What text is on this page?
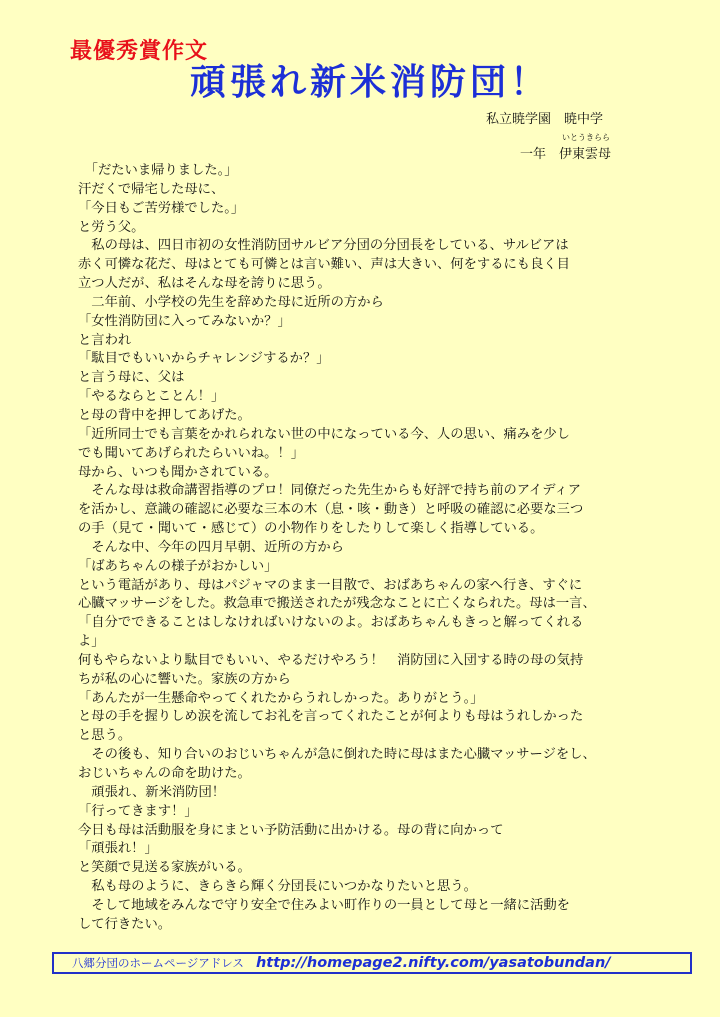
最優秀賞作文
頑張れ新米消防団！
私立暁学園　暁中学
いとうきらら
一年　伊東雲母
　「だたいま帰りました。」
汗だくで帰宅した母に、
「今日もご苦労様でした。」
と労う父。
　私の母は、四日市初の女性消防団サルビア分団の分団長をしている、サルビアは
赤く可憐な花だ、母はとても可憐とは言い難い、声は大きい、何をするにも良く目
立つ人だが、私はそんな母を誇りに思う。
　二年前、小学校の先生を辞めた母に近所の方から
「女性消防団に入ってみないか？」
と言われ
「駄目でもいいからチャレンジするか？」
と言う母に、父は
「やるならとことん！」
と母の背中を押してあげた。
「近所同士でも言葉をかれられない世の中になっている今、人の思い、痛みを少し
でも聞いてあげられたらいいね。！」
母から、いつも聞かされている。
　そんな母は救命講習指導のプロ！同僚だった先生からも好評で持ち前のアイディア
を活かし、意識の確認に必要な三本の木（息・咳・動き）と呼吸の確認に必要な三つ
の手（見て・聞いて・感じて）の小物作りをしたりして楽しく指導している。
　そんな中、今年の四月早朝、近所の方から
「ばあちゃんの様子がおかしい」
という電話があり、母はパジャマのまま一目散で、おばあちゃんの家へ行き、すぐに
心臓マッサージをした。救急車で搬送されたが残念なことに亡くなられた。母は一言、
「自分でできることはしなければいけないのよ。おばあちゃんもきっと解ってくれる
よ」
何もやらないより駄目でもいい、やるだけやろう！　消防団に入団する時の母の気持
ちが私の心に響いた。家族の方から
「あんたが一生懸命やってくれたからうれしかった。ありがとう。」
と母の手を握りしめ涙を流してお礼を言ってくれたことが何よりも母はうれしかった
と思う。
　その後も、知り合いのおじいちゃんが急に倒れた時に母はまた心臓マッサージをし、
おじいちゃんの命を助けた。
　頑張れ、新米消防団！
「行ってきます！」
今日も母は活動服を身にまとい予防活動に出かける。母の背に向かって
「頑張れ！」
と笑顔で見送る家族がいる。
　私も母のように、きらきら輝く分団長にいつかなりたいと思う。
　そして地域をみんなで守り安全で住みよい町作りの一員として母と一緒に活動を
して行きたい。
八郷分団のホームページアドレス http://homepage2.nifty.com/yasatobundan/
